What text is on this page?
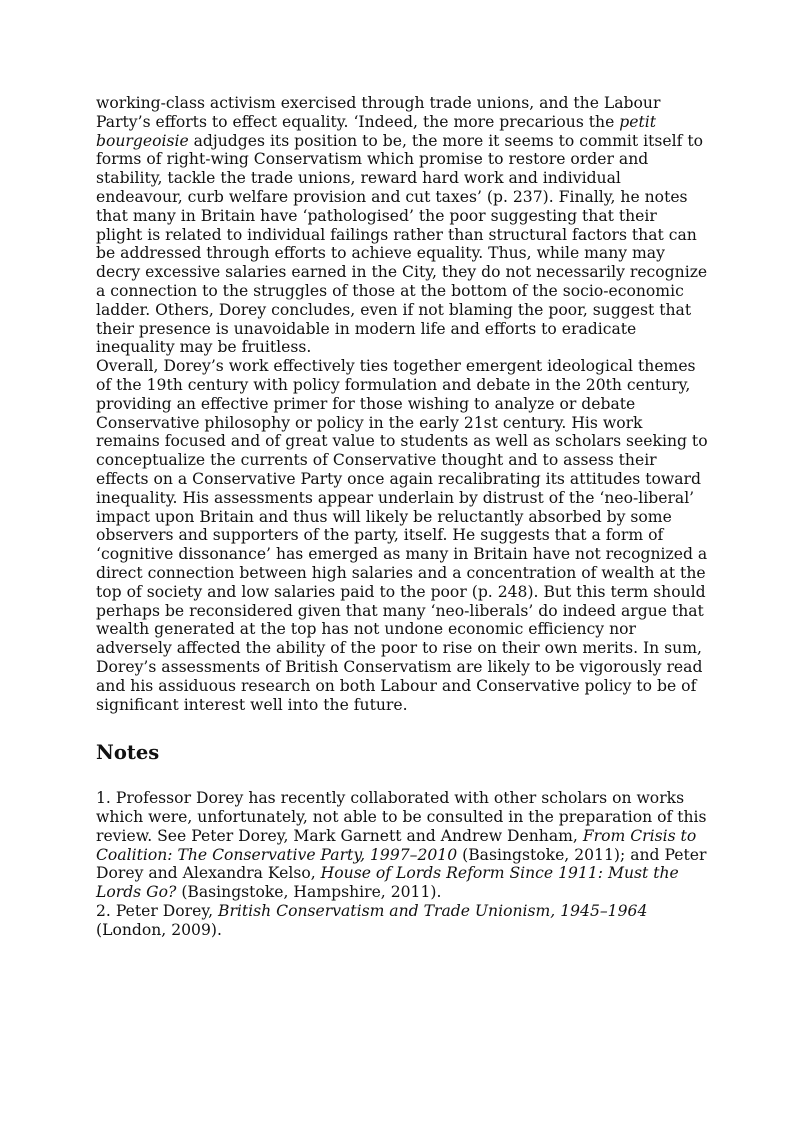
working-class activism exercised through trade unions, and the Labour Party’s efforts to effect equality. ‘Indeed, the more precarious the petit bourgeoisie adjudges its position to be, the more it seems to commit itself to forms of right-wing Conservatism which promise to restore order and stability, tackle the trade unions, reward hard work and individual endeavour, curb welfare provision and cut taxes’ (p. 237). Finally, he notes that many in Britain have ‘pathologised’ the poor suggesting that their plight is related to individual failings rather than structural factors that can be addressed through efforts to achieve equality. Thus, while many may decry excessive salaries earned in the City, they do not necessarily recognize a connection to the struggles of those at the bottom of the socio-economic ladder. Others, Dorey concludes, even if not blaming the poor, suggest that their presence is unavoidable in modern life and efforts to eradicate inequality may be fruitless.

Overall, Dorey’s work effectively ties together emergent ideological themes of the 19th century with policy formulation and debate in the 20th century, providing an effective primer for those wishing to analyze or debate Conservative philosophy or policy in the early 21st century. His work remains focused and of great value to students as well as scholars seeking to conceptualize the currents of Conservative thought and to assess their effects on a Conservative Party once again recalibrating its attitudes toward inequality. His assessments appear underlain by distrust of the ‘neo-liberal’ impact upon Britain and thus will likely be reluctantly absorbed by some observers and supporters of the party, itself. He suggests that a form of ‘cognitive dissonance’ has emerged as many in Britain have not recognized a direct connection between high salaries and a concentration of wealth at the top of society and low salaries paid to the poor (p. 248). But this term should perhaps be reconsidered given that many ‘neo-liberals’ do indeed argue that wealth generated at the top has not undone economic efficiency nor adversely affected the ability of the poor to rise on their own merits. In sum, Dorey’s assessments of British Conservatism are likely to be vigorously read and his assiduous research on both Labour and Conservative policy to be of significant interest well into the future.

Notes

1. Professor Dorey has recently collaborated with other scholars on works which were, unfortunately, not able to be consulted in the preparation of this review. See Peter Dorey, Mark Garnett and Andrew Denham, From Crisis to Coalition: The Conservative Party, 1997–2010 (Basingstoke, 2011); and Peter Dorey and Alexandra Kelso, House of Lords Reform Since 1911: Must the Lords Go? (Basingstoke, Hampshire, 2011).

2. Peter Dorey, British Conservatism and Trade Unionism, 1945–1964 (London, 2009).
